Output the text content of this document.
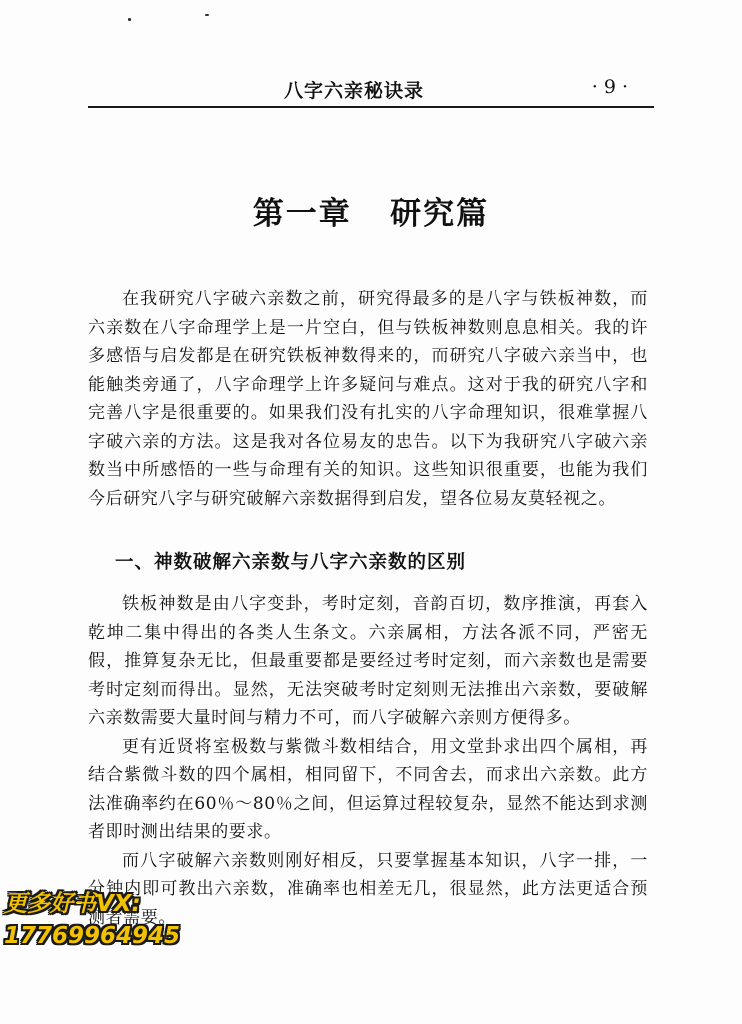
八字六亲秘诀录	· 9 ·
第一章   研究篇

在我研究八字破六亲数之前，研究得最多的是八字与铁板神数，而六亲数在八字命理学上是一片空白，但与铁板神数则息息相关。我的许多感悟与启发都是在研究铁板神数得来的，而研究八字破六亲当中，也能触类旁通了，八字命理学上许多疑问与难点。这对于我的研究八字和完善八字是很重要的。如果我们没有扎实的八字命理知识，很难掌握八字破六亲的方法。这是我对各位易友的忠告。以下为我研究八字破六亲数当中所感悟的一些与命理有关的知识。这些知识很重要，也能为我们今后研究八字与研究破解六亲数据得到启发，望各位易友莫轻视之。

一、神数破解六亲数与八字六亲数的区别

铁板神数是由八字变卦，考时定刻，音韵百切，数序推演，再套入乾坤二集中得出的各类人生条文。六亲属相，方法各派不同，严密无假，推算复杂无比，但最重要都是要经过考时定刻，而六亲数也是需要考时定刻而得出。显然，无法突破考时定刻则无法推出六亲数，要破解六亲数需要大量时间与精力不可，而八字破解六亲则方便得多。

更有近贤将室极数与紫微斗数相结合，用文堂卦求出四个属相，再结合紫微斗数的四个属相，相同留下，不同舍去，而求出六亲数。此方法准确率约在60％～80％之间，但运算过程较复杂，显然不能达到求测者即时测出结果的要求。

而八字破解六亲数则刚好相反，只要掌握基本知识，八字一排，一分钟内即可教出六亲数，准确率也相差无几，很显然，此方法更适合预测者需要。

更多好书VX:
17769964945
